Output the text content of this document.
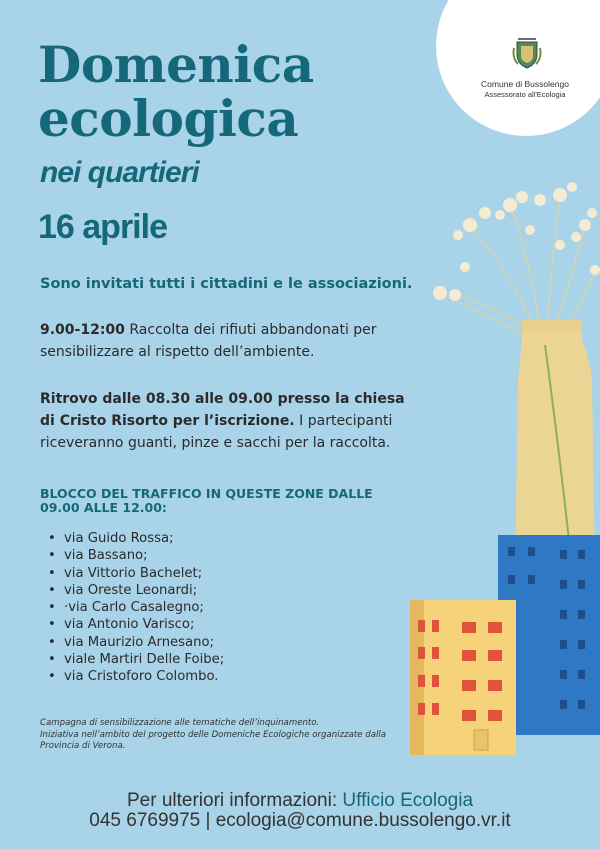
Comune di Bussolengo
Assessorato all'Ecologia
Domenica
ecologica
nei quartieri
16 aprile
Sono invitati tutti i cittadini e le associazioni.
9.00-12:00 Raccolta dei rifiuti abbandonati per sensibilizzare al rispetto dell’ambiente.
Ritrovo dalle 08.30 alle 09.00 presso la chiesa di Cristo Risorto per l’iscrizione. I partecipanti riceveranno guanti, pinze e sacchi per la raccolta.
BLOCCO DEL TRAFFICO IN QUESTE ZONE DALLE 09.00 ALLE 12.00:
• via Guido Rossa;
• via Bassano;
• via Vittorio Bachelet;
• via Oreste Leonardi;
• ·via Carlo Casalegno;
• via Antonio Varisco;
• via Maurizio Arnesano;
• viale Martiri Delle Foibe;
• via Cristoforo Colombo.
Campagna di sensibilizzazione alle tematiche dell’inquinamento.
Iniziativa nell’ambito del progetto delle Domeniche Ecologiche organizzate dalla Provincia di Verona.
Per ulteriori informazioni: Ufficio Ecologia
045 6769975 | ecologia@comune.bussolengo.vr.it
